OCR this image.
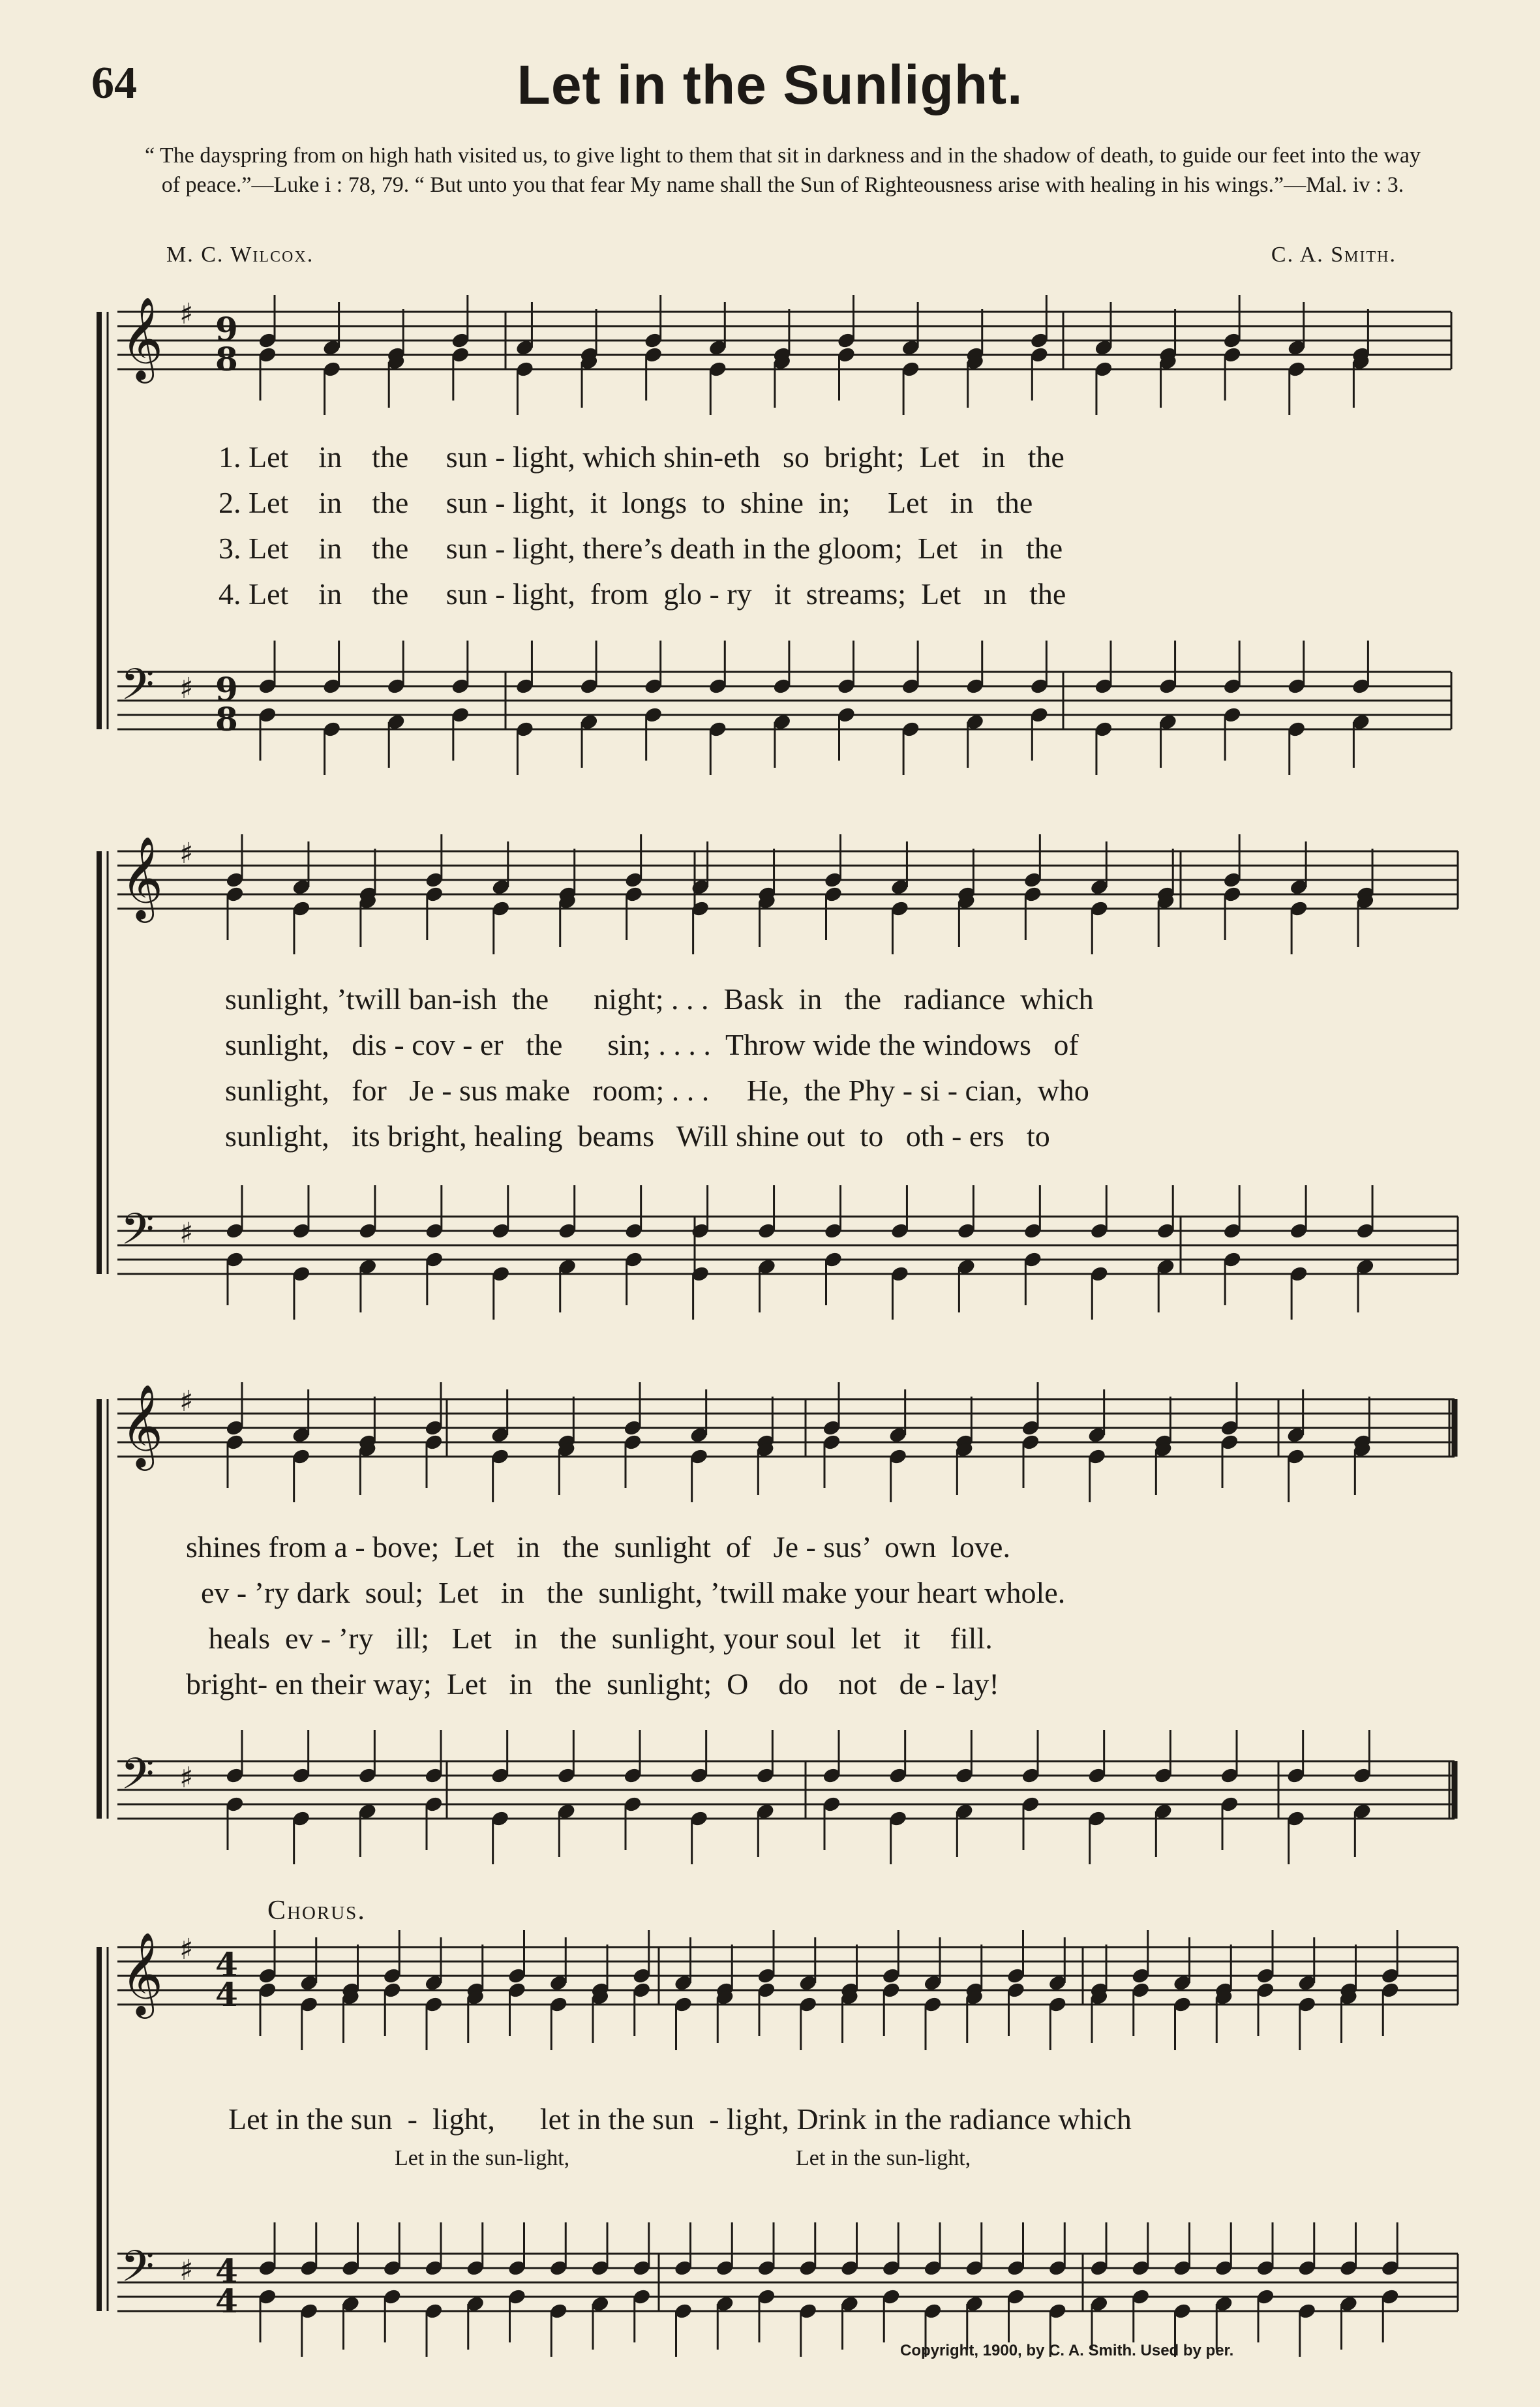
64	Let in the Sunlight.
“ The dayspring from on high hath visited us, to give light to them that sit in darkness and in the shadow of death, to guide our feet into the way of peace.”—Luke i : 78, 79. “ But unto you that fear My name shall the Sun of Righteousness arise with healing in his wings.”—Mal. iv : 3.
M. C. Wilcox.	C. A. Smith.
𝄞 ♯ 9
8
𝄢 ♯ 9
8
𝄞 ♯
𝄢 ♯
𝄞 ♯
𝄢 ♯
𝄞 ♯ 4
4
𝄢 ♯ 4
4
1. Let    in    the     sun - light, which shin-eth   so  bright;  Let   in   the
2. Let    in    the     sun - light,  it  longs  to  shine  in;     Let   in   the
3. Let    in    the     sun - light, there’s death in the gloom;  Let   in   the
4. Let    in    the     sun - light,  from  glo - ry   it  streams;  Let   ın   the
sunlight, ’twill ban-ish  the      night; . . .  Bask  in   the   radiance  which
sunlight,   dis - cov - er   the      sin; . . . .  Throw wide the windows   of
sunlight,   for   Je - sus make   room; . . .     He,  the Phy - si - cian,  who
sunlight,   its bright, healing  beams   Will shine out  to   oth - ers   to
shines from a - bove;  Let   in   the  sunlight  of   Je - sus’  own  love.
ev - ’ry dark  soul;  Let   in   the  sunlight, ’twill make your heart whole.
heals  ev - ’ry   ill;   Let   in   the  sunlight, your soul  let   it    fill.
bright- en their way;  Let   in   the  sunlight;  O    do    not   de - lay!
Chorus.
Let in the sun  -  light,      let in the sun  - light, Drink in the radiance which
Let in the sun-light,	Let in the sun-light,
Copyright, 1900, by C. A. Smith. Used by per.
